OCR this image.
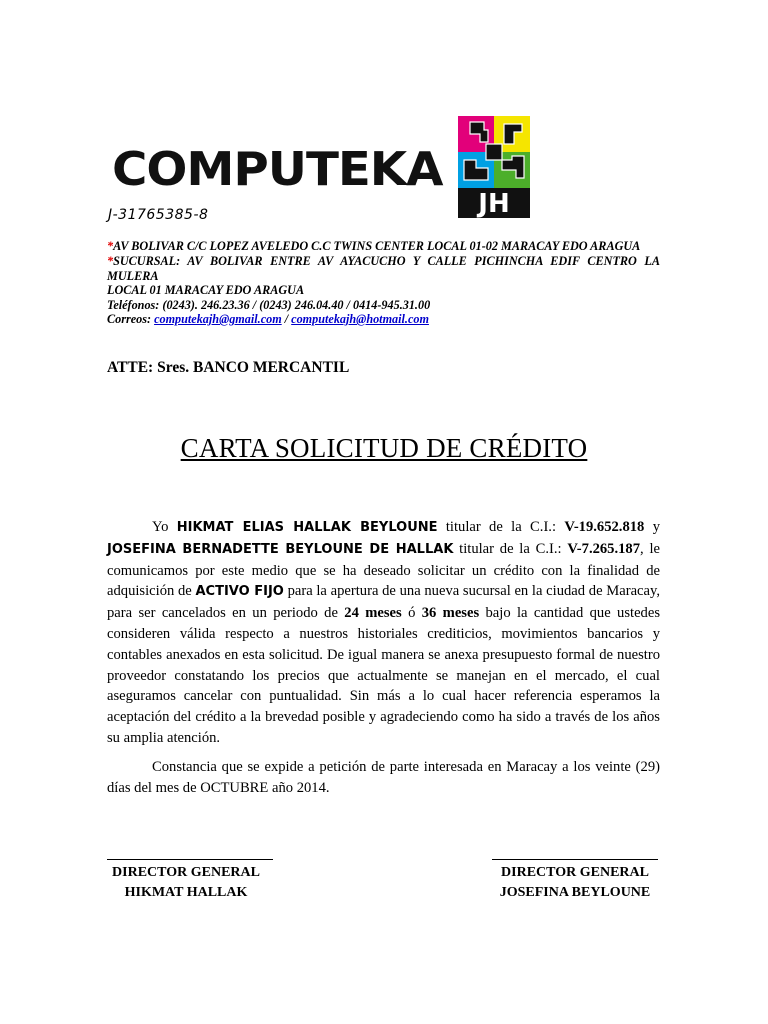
COMPUTEKA
JH
J-31765385-8
*AV BOLIVAR C/C LOPEZ AVELEDO C.C TWINS CENTER LOCAL 01-02 MARACAY EDO ARAGUA
*SUCURSAL: AV BOLIVAR ENTRE AV AYACUCHO Y CALLE PICHINCHA EDIF CENTRO LA
MULERA
LOCAL 01 MARACAY EDO ARAGUA
Teléfonos: (0243). 246.23.36 / (0243) 246.04.40 / 0414-945.31.00
Correos: computekajh@gmail.com / computekajh@hotmail.com
ATTE: Sres. BANCO MERCANTIL
CARTA SOLICITUD DE CRÉDITO

Yo HIKMAT ELIAS HALLAK BEYLOUNE titular de la C.I.: V-19.652.818 y JOSEFINA BERNADETTE BEYLOUNE DE HALLAK titular de la C.I.: V-7.265.187, le comunicamos por este medio que se ha deseado solicitar un crédito con la finalidad de adquisición de ACTIVO FIJO para la apertura de una nueva sucursal en la ciudad de Maracay, para ser cancelados en un periodo de 24 meses ó 36 meses bajo la cantidad que ustedes consideren válida respecto a nuestros historiales crediticios, movimientos bancarios y contables anexados en esta solicitud. De igual manera se anexa presupuesto formal de nuestro proveedor constatando los precios que actualmente se manejan en el mercado, el cual aseguramos cancelar con puntualidad. Sin más a lo cual hacer referencia esperamos la aceptación del crédito a la brevedad posible y agradeciendo como ha sido a través de los años su amplia atención.

Constancia que se expide a petición de parte interesada en Maracay a los veinte (29) días del mes de OCTUBRE año 2014.

DIRECTOR GENERAL
HIKMAT HALLAK
DIRECTOR GENERAL
JOSEFINA BEYLOUNE
